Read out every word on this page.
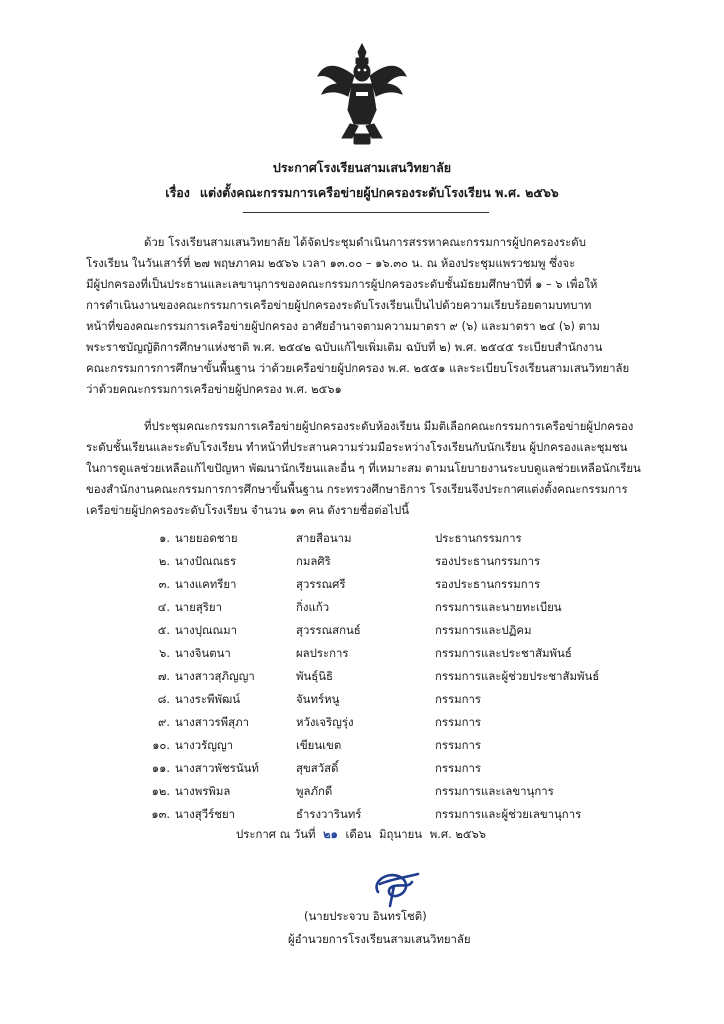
ประกาศโรงเรียนสามเสนวิทยาลัย
เรื่อง แต่งตั้งคณะกรรมการเครือข่ายผู้ปกครองระดับโรงเรียน พ.ศ. ๒๕๖๖
ด้วย โรงเรียนสามเสนวิทยาลัย ได้จัดประชุมดำเนินการสรรหาคณะกรรมการผู้ปกครองระดับ
โรงเรียน ในวันเสาร์ที่ ๒๗ พฤษภาคม ๒๕๖๖ เวลา ๑๓.๐๐ – ๑๖.๓๐ น. ณ ห้องประชุมแพรวชมพู ซึ่งจะ
มีผู้ปกครองที่เป็นประธานและเลขานุการของคณะกรรมการผู้ปกครองระดับชั้นมัธยมศึกษาปีที่ ๑ – ๖ เพื่อให้
การดำเนินงานของคณะกรรมการเครือข่ายผู้ปกครองระดับโรงเรียนเป็นไปด้วยความเรียบร้อยตามบทบาท
หน้าที่ของคณะกรรมการเครือข่ายผู้ปกครอง อาศัยอำนาจตามความมาตรา ๙ (๖) และมาตรา ๒๔ (๖) ตาม
พระราชบัญญัติการศึกษาแห่งชาติ พ.ศ. ๒๕๔๒ ฉบับแก้ไขเพิ่มเติม ฉบับที่ ๒) พ.ศ. ๒๕๔๕ ระเบียบสำนักงาน
คณะกรรมการการศึกษาขั้นพื้นฐาน ว่าด้วยเครือข่ายผู้ปกครอง พ.ศ. ๒๕๕๑ และระเบียบโรงเรียนสามเสนวิทยาลัย
ว่าด้วยคณะกรรมการเครือข่ายผู้ปกครอง พ.ศ. ๒๕๖๑
ที่ประชุมคณะกรรมการเครือข่ายผู้ปกครองระดับห้องเรียน มีมติเลือกคณะกรรมการเครือข่ายผู้ปกครอง
ระดับชั้นเรียนและระดับโรงเรียน ทำหน้าที่ประสานความร่วมมือระหว่างโรงเรียนกับนักเรียน ผู้ปกครองและชุมชน
ในการดูแลช่วยเหลือแก้ไขปัญหา พัฒนานักเรียนและอื่น ๆ ที่เหมาะสม ตามนโยบายงานระบบดูแลช่วยเหลือนักเรียน
ของสำนักงานคณะกรรมการการศึกษาขั้นพื้นฐาน กระทรวงศึกษาธิการ โรงเรียนจึงประกาศแต่งตั้งคณะกรรมการ
เครือข่ายผู้ปกครองระดับโรงเรียน จำนวน ๑๓ คน ดังรายชื่อต่อไปนี้
๑. นายยอดชาย	สายสือนาม	ประธานกรรมการ
๒. นางปัณณธร	กมลศิริ	รองประธานกรรมการ
๓. นางแคทรียา	สุวรรณศรี	รองประธานกรรมการ
๔. นายสุริยา	กิ่งแก้ว	กรรมการและนายทะเบียน
๕. นางปุณณมา	สุวรรณสกนธ์	กรรมการและปฏิคม
๖. นางจินตนา	ผลประการ	กรรมการและประชาสัมพันธ์
๗. นางสาวสุภิญญา	พันธุ์นิธิ	กรรมการและผู้ช่วยประชาสัมพันธ์
๘. นางระพีพัฒน์	จันทร์หนู	กรรมการ
๙. นางสาวรพีสุภา	หวังเจริญรุ่ง	กรรมการ
๑๐. นางวรัญญา	เขียนเขต	กรรมการ
๑๑. นางสาวพัชรนันท์	สุขสวัสดิ์	กรรมการ
๑๒. นางพรพิมล	พูลภักดี	กรรมการและเลขานุการ
๑๓. นางสุวีร์ชยา	ธำรงวารินทร์	กรรมการและผู้ช่วยเลขานุการ
ประกาศ ณ วันที่ ๒๑ เดือน มิถุนายน พ.ศ. ๒๕๖๖
(นายประจวบ อินทรโชติ)
ผู้อำนวยการโรงเรียนสามเสนวิทยาลัย
